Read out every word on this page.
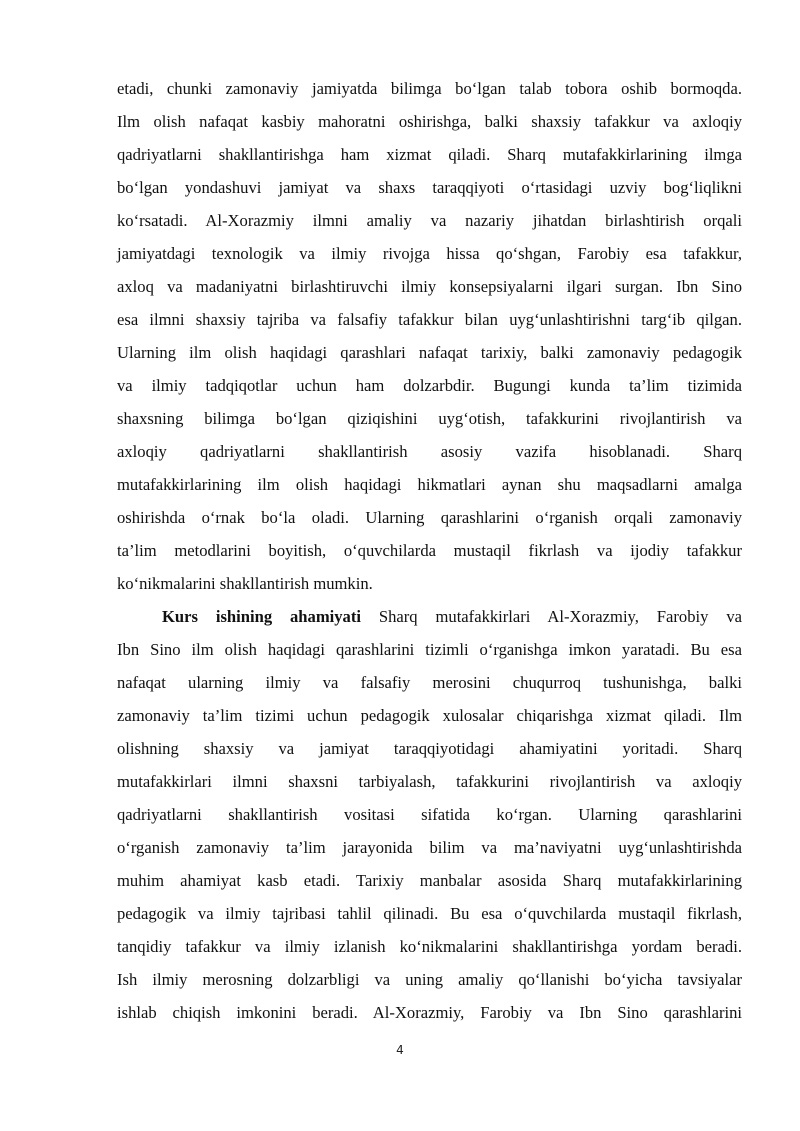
etadi, chunki zamonaviy jamiyatda bilimga bo‘lgan talab tobora oshib bormoqda.
Ilm olish nafaqat kasbiy mahoratni oshirishga, balki shaxsiy tafakkur va axloqiy
qadriyatlarni shakllantirishga ham xizmat qiladi. Sharq mutafakkirlarining ilmga
bo‘lgan yondashuvi jamiyat va shaxs taraqqiyoti o‘rtasidagi uzviy bog‘liqlikni
ko‘rsatadi. Al-Xorazmiy ilmni amaliy va nazariy jihatdan birlashtirish orqali
jamiyatdagi texnologik va ilmiy rivojga hissa qo‘shgan, Farobiy esa tafakkur,
axloq va madaniyatni birlashtiruvchi ilmiy konsepsiyalarni ilgari surgan. Ibn Sino
esa ilmni shaxsiy tajriba va falsafiy tafakkur bilan uyg‘unlashtirishni targ‘ib qilgan.
Ularning ilm olish haqidagi qarashlari nafaqat tarixiy, balki zamonaviy pedagogik
va ilmiy tadqiqotlar uchun ham dolzarbdir. Bugungi kunda ta’lim tizimida
shaxsning bilimga bo‘lgan qiziqishini uyg‘otish, tafakkurini rivojlantirish va
axloqiy qadriyatlarni shakllantirish asosiy vazifa hisoblanadi. Sharq
mutafakkirlarining ilm olish haqidagi hikmatlari aynan shu maqsadlarni amalga
oshirishda o‘rnak bo‘la oladi. Ularning qarashlarini o‘rganish orqali zamonaviy
ta’lim metodlarini boyitish, o‘quvchilarda mustaqil fikrlash va ijodiy tafakkur
ko‘nikmalarini shakllantirish mumkin.
Kurs ishining ahamiyati Sharq mutafakkirlari Al-Xorazmiy, Farobiy va
Ibn Sino ilm olish haqidagi qarashlarini tizimli o‘rganishga imkon yaratadi. Bu esa
nafaqat ularning ilmiy va falsafiy merosini chuqurroq tushunishga, balki
zamonaviy ta’lim tizimi uchun pedagogik xulosalar chiqarishga xizmat qiladi. Ilm
olishning shaxsiy va jamiyat taraqqiyotidagi ahamiyatini yoritadi. Sharq
mutafakkirlari ilmni shaxsni tarbiyalash, tafakkurini rivojlantirish va axloqiy
qadriyatlarni shakllantirish vositasi sifatida ko‘rgan. Ularning qarashlarini
o‘rganish zamonaviy ta’lim jarayonida bilim va ma’naviyatni uyg‘unlashtirishda
muhim ahamiyat kasb etadi. Tarixiy manbalar asosida Sharq mutafakkirlarining
pedagogik va ilmiy tajribasi tahlil qilinadi. Bu esa o‘quvchilarda mustaqil fikrlash,
tanqidiy tafakkur va ilmiy izlanish ko‘nikmalarini shakllantirishga yordam beradi.
Ish ilmiy merosning dolzarbligi va uning amaliy qo‘llanishi bo‘yicha tavsiyalar
ishlab chiqish imkonini beradi. Al-Xorazmiy, Farobiy va Ibn Sino qarashlarini
4
